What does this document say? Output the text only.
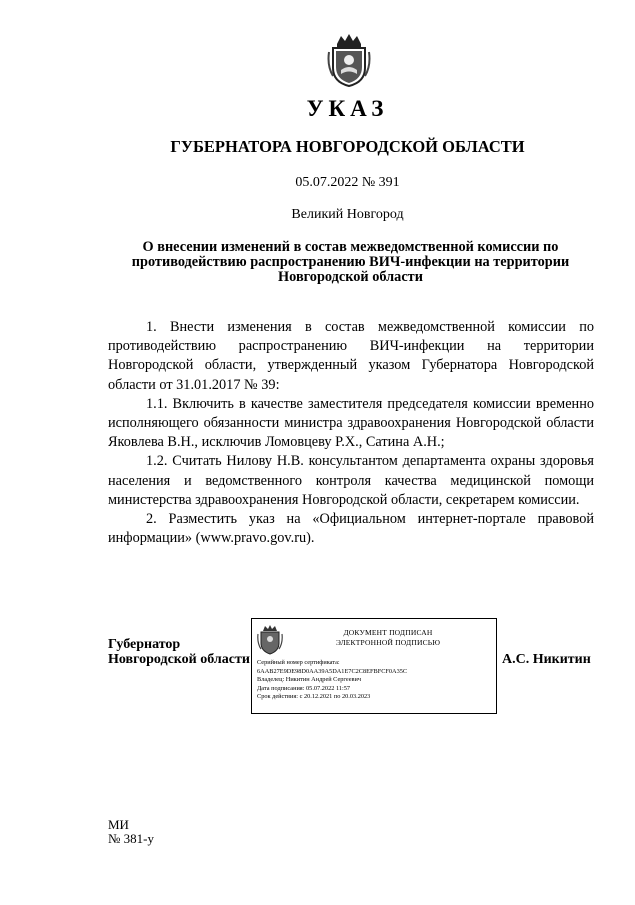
УКАЗ
ГУБЕРНАТОРА НОВГОРОДСКОЙ ОБЛАСТИ
05.07.2022 № 391
Великий Новгород
О внесении изменений в состав межведомственной комиссии по
противодействию распространению ВИЧ-инфекции на территории
Новгородской области

1. Внести изменения в состав межведомственной комиссии по противодействию распространению ВИЧ-инфекции на территории Новгородской области, утвержденный указом Губернатора Новгородской области от 31.01.2017 № 39:

1.1. Включить в качестве заместителя председателя комиссии временно исполняющего обязанности министра здравоохранения Новгородской области Яковлева В.Н., исключив Ломовцеву Р.Х., Сатина А.Н.;

1.2. Считать Нилову Н.В. консультантом департамента охраны здоровья населения и ведомственного контроля качества медицинской помощи министерства здравоохранения Новгородской области, секретарем комиссии.

2. Разместить указ на «Официальном интернет-портале правовой информации» (www.pravo.gov.ru).

Губернатор
Новгородской области
ДОКУМЕНТ ПОДПИСАН
ЭЛЕКТРОННОЙ ПОДПИСЬЮ
Серийный номер сертификата:
6AAB27E9DE98D0AA39A5DA1E7C2C8EFBFCF0A35C
Владелец: Никитин Андрей Сергеевич
Дата подписания: 05.07.2022 11:57
Срок действия: с 20.12.2021 по 20.03.2023
А.С. Никитин
МИ
№ 381-у
